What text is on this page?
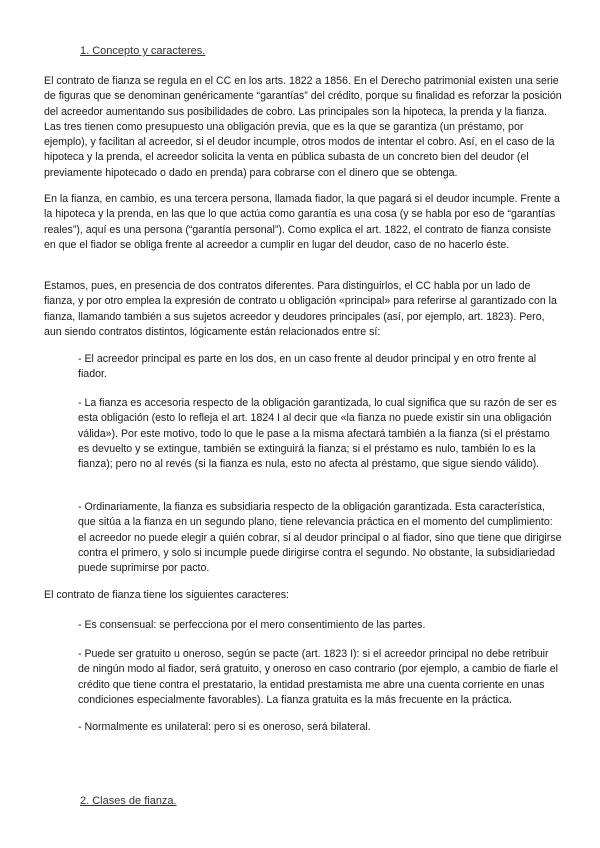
1. Concepto y caracteres.

El contrato de fianza se regula en el CC en los arts. 1822 a 1856. En el Derecho patrimonial existen una serie de figuras que se denominan genéricamente “garantías” del crédito, porque su finalidad es reforzar la posición del acreedor aumentando sus posibilidades de cobro. Las principales son la hipoteca, la prenda y la fianza. Las tres tienen como presupuesto una obligación previa, que es la que se garantiza (un préstamo, por ejemplo), y facilitan al acreedor, si el deudor incumple, otros modos de intentar el cobro. Así, en el caso de la hipoteca y la prenda, el acreedor solicita la venta en pública subasta de un concreto bien del deudor (el previamente hipotecado o dado en prenda) para cobrarse con el dinero que se obtenga.

En la fianza, en cambio, es una tercera persona, llamada fiador, la que pagará si el deudor incumple. Frente a la hipoteca y la prenda, en las que lo que actúa como garantía es una cosa (y se habla por eso de “garantías reales”), aquí es una persona (“garantía personal”). Como explica el art. 1822, el contrato de fianza consiste en que el fiador se obliga frente al acreedor a cumplir en lugar del deudor, caso de no hacerlo éste.

Estamos, pues, en presencia de dos contratos diferentes. Para distinguirlos, el CC habla por un lado de fianza, y por otro emplea la expresión de contrato u obligación «principal» para referirse al garantizado con la fianza, llamando también a sus sujetos acreedor y deudores principales (así, por ejemplo, art. 1823). Pero, aun siendo contratos distintos, lógicamente están relacionados entre sí:

- El acreedor principal es parte en los dos, en un caso frente al deudor principal y en otro frente al fiador.

- La fianza es accesoria respecto de la obligación garantizada, lo cual significa que su razón de ser es esta obligación (esto lo refleja el art. 1824 I al decir que «la fianza no puede existir sin una obligación válida»). Por este motivo, todo lo que le pase a la misma afectará también a la fianza (si el préstamo es devuelto y se extingue, también se extinguirá la fianza; si el préstamo es nulo, también lo es la fianza); pero no al revés (si la fianza es nula, esto no afecta al préstamo, que sigue siendo válido).

- Ordinariamente, la fianza es subsidiaria respecto de la obligación garantizada. Esta característica, que sitúa a la fianza en un segundo plano, tiene relevancia práctica en el momento del cumplimiento: el acreedor no puede elegir a quién cobrar, si al deudor principal o al fiador, sino que tiene que dirigirse contra el primero, y solo si incumple puede dirigirse contra el segundo. No obstante, la subsidiariedad puede suprimirse por pacto.

El contrato de fianza tiene los siguientes caracteres:

- Es consensual: se perfecciona por el mero consentimiento de las partes.

- Puede ser gratuito u oneroso, según se pacte (art. 1823 I): si el acreedor principal no debe retribuir de ningún modo al fiador, será gratuito, y oneroso en caso contrario (por ejemplo, a cambio de fiarle el crédito que tiene contra el prestatario, la entidad prestamista me abre una cuenta corriente en unas condiciones especialmente favorables). La fianza gratuita es la más frecuente en la práctica.

- Normalmente es unilateral: pero si es oneroso, será bilateral.

2. Clases de fianza.
